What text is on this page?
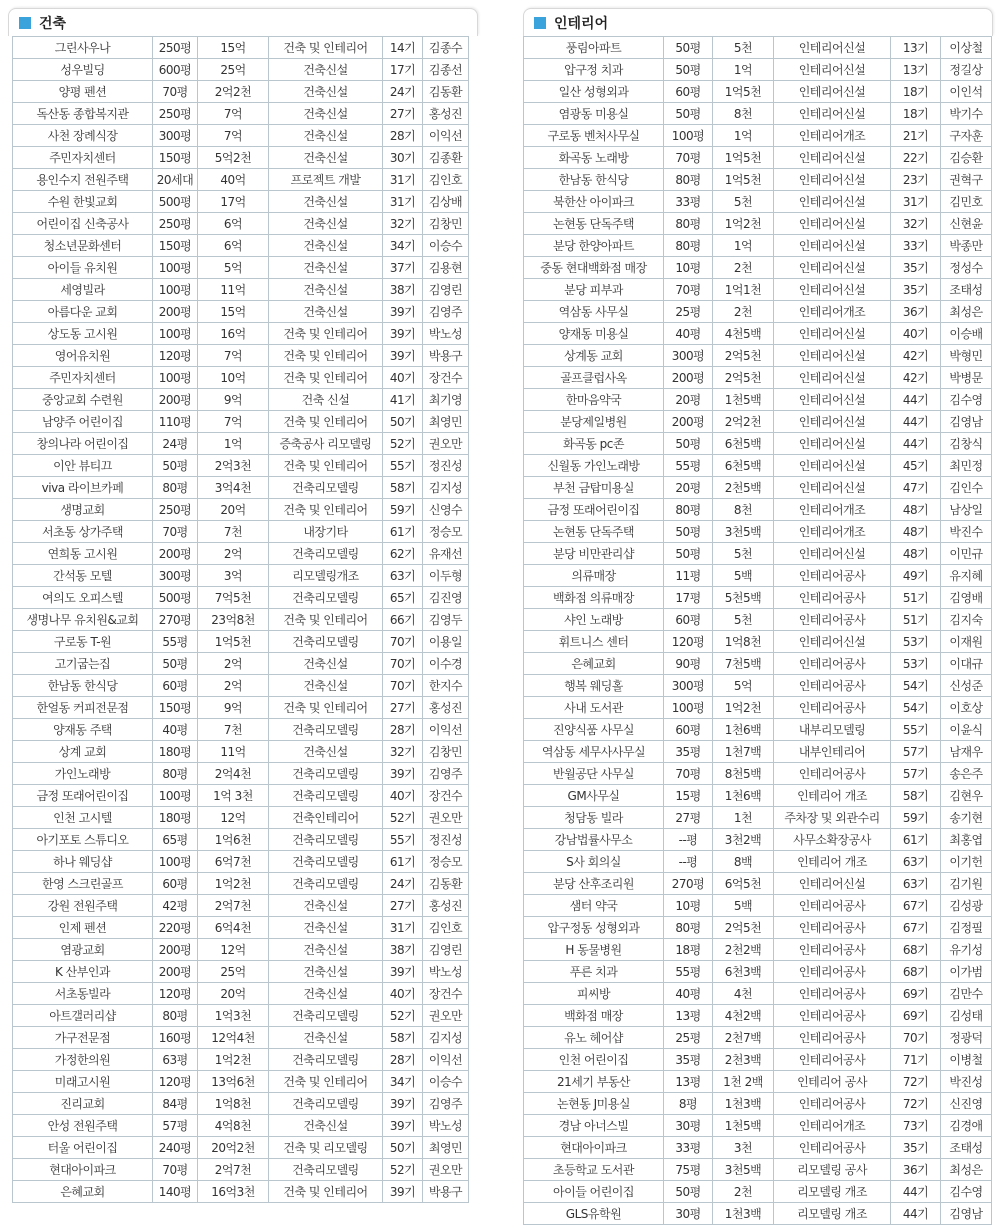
건축
그린사우나	250평	15억	건축 및 인테리어	14기	김종수
성우빌딩	600평	25억	건축신설	17기	김종선
양평 펜션	70평	2억2천	건축신설	24기	김동환
독산동 종합복지관	250평	7억	건축신설	27기	홍성진
사천 장례식장	300평	7억	건축신설	28기	이익선
주민자치센터	150평	5억2천	건축신설	30기	김종환
용인수지 전원주택	20세대	40억	프로젝트 개발	31기	김인호
수원 한빛교회	500평	17억	건축신설	31기	김상배
어린이집 신축공사	250평	6억	건축신설	32기	김창민
청소년문화센터	150평	6억	건축신설	34기	이승수
아이들 유치원	100평	5억	건축신설	37기	김용현
세영빌라	100평	11억	건축신설	38기	김영린
아름다운 교회	200평	15억	건축신설	39기	김영주
상도동 고시원	100평	16억	건축 및 인테리어	39기	박노성
영어유치원	120평	7억	건축 및 인테리어	39기	박용구
주민자치센터	100평	10억	건축 및 인테리어	40기	장건수
중앙교회 수련원	200평	9억	건축 신설	41기	최기영
남양주 어린이집	110평	7억	건축 및 인테리어	50기	최영민
창의나라 어린이집	24평	1억	증축공사 리모델링	52기	권오만
이안 뷰티끄	50평	2억3천	건축 및 인테리어	55기	정진성
viva 라이브카페	80평	3억4천	건축리모델링	58기	김지성
생명교회	250평	20억	건축 및 인테리어	59기	신영수
서초동 상가주택	70평	7천	내장기타	61기	정승모
연희동 고시원	200평	2억	건축리모델링	62기	유재선
간석동 모텔	300평	3억	리모델링개조	63기	이두형
여의도 오피스텔	500평	7억5천	건축리모델링	65기	김진영
생명나무 유치원&교회	270평	23억8천	건축 및 인테리어	66기	김영두
구로동 T-원	55평	1억5천	건축리모델링	70기	이용일
고기굽는집	50평	2억	건축신설	70기	이수경
한남동 한식당	60평	2억	건축신설	70기	한지수
한얼동 커피전문점	150평	9억	건축 및 인테리어	27기	홍성진
양재동 주택	40평	7천	건축리모델링	28기	이익선
상계 교회	180평	11억	건축신설	32기	김창민
가인노래방	80평	2억4천	건축리모델링	39기	김영주
금정 또래어린이집	100평	1억 3천	건축리모델링	40기	장건수
인천 고시텔	180평	12억	건축인테리어	52기	권오만
아기포토 스튜디오	65평	1억6천	건축리모델링	55기	정진성
하나 웨딩샵	100평	6억7천	건축리모델링	61기	정승모
한영 스크린골프	60평	1억2천	건축리모델링	24기	김동환
강원 전원주택	42평	2억7천	건축신설	27기	홍성진
인제 펜션	220평	6억4천	건축신설	31기	김인호
염광교회	200평	12억	건축신설	38기	김영린
K 산부인과	200평	25억	건축신설	39기	박노성
서초동빌라	120평	20억	건축신설	40기	장건수
아트갤러리샵	80평	1억3천	건축리모델링	52기	권오만
가구전문점	160평	12억4천	건축신설	58기	김지성
가정한의원	63평	1억2천	건축리모델링	28기	이익선
미래고시원	120평	13억6천	건축 및 인테리어	34기	이승수
진리교회	84평	1억8천	건축리모델링	39기	김영주
안성 전원주택	57평	4억8천	건축신설	39기	박노성
터울 어린이집	240평	20억2천	건축 및 리모델링	50기	최영민
현대아이파크	70평	2억7천	건축리모델링	52기	권오만
은혜교회	140평	16억3천	건축 및 인테리어	39기	박용구
인테리어
풍림아파트	50평	5천	인테리어신설	13기	이상철
압구정 치과	50평	1억	인테리어신설	13기	정길상
일산 성형외과	60평	1억5천	인테리어신설	18기	이인석
염광동 미용실	50평	8천	인테리어신설	18기	박기수
구로동 벤처사무실	100평	1억	인테리어개조	21기	구자훈
화곡동 노래방	70평	1억5천	인테리어신설	22기	김승환
한남동 한식당	80평	1억5천	인테리어신설	23기	권혁구
북한산 아이파크	33평	5천	인테리어신설	31기	김민호
논현동 단독주택	80평	1억2천	인테리어신설	32기	신현윤
분당 한양아파트	80평	1억	인테리어신설	33기	박종만
중동 현대백화점 매장	10평	2천	인테리어신설	35기	정성수
분당 피부과	70평	1억1천	인테리어신설	35기	조태성
역삼동 사무실	25평	2천	인테리어개조	36기	최성은
양재동 미용실	40평	4천5백	인테리어신설	40기	이승배
상계동 교회	300평	2억5천	인테리어신설	42기	박형민
골프클럽사옥	200평	2억5천	인테리어신설	42기	박병문
한마음약국	20평	1천5백	인테리어신설	44기	김수영
분당제일병원	200평	2억2천	인테리어신설	44기	김영남
화곡동 pc존	50평	6천5백	인테리어신설	44기	김창식
신월동 가인노래방	55평	6천5백	인테리어신설	45기	최민정
부천 금탑미용실	20평	2천5백	인테리어신설	47기	김인수
금정 또래어린이집	80평	8천	인테리어개조	48기	남상일
논현동 단독주택	50평	3천5백	인테리어개조	48기	박진수
분당 비만관리샵	50평	5천	인테리어신설	48기	이민규
의류매장	11평	5백	인테리어공사	49기	유지혜
백화점 의류매장	17평	5천5백	인테리어공사	51기	김영배
샤인 노래방	60평	5천	인테리어공사	51기	김지숙
휘트니스 센터	120평	1억8천	인테리어신설	53기	이재원
은혜교회	90평	7천5백	인테리어공사	53기	이대규
행복 웨딩홀	300평	5억	인테리어공사	54기	신성준
사내 도서관	100평	1억2천	인테리어공사	54기	이호상
진양식품 사무실	60평	1천6백	내부리모델링	55기	이윤식
역삼동 세무사사무실	35평	1천7백	내부인테리어	57기	남재우
반월공단 사무실	70평	8천5백	인테리어공사	57기	송은주
GM사무실	15평	1천6백	인테리어 개조	58기	김현우
청담동 빌라	27평	1천	주차장 및 외관수리	59기	송기현
강남법률사무소	--평	3천2백	사무소확장공사	61기	최홍엽
S사 회의실	--평	8백	인테리어 개조	63기	이기헌
분당 산후조리원	270평	6억5천	인테리어신설	63기	김기원
샘터 약국	10평	5백	인테리어공사	67기	김성광
압구정동 성형외과	80평	2억5천	인테리어공사	67기	김정필
H 동물병원	18평	2천2백	인테리어공사	68기	유기성
푸른 치과	55평	6천3백	인테리어공사	68기	이가범
피씨방	40평	4천	인테리어공사	69기	김만수
백화점 매장	13평	4천2백	인테리어공사	69기	김성태
유노 헤어샵	25평	2천7백	인테리어공사	70기	정광덕
인천 어린이집	35평	2천3백	인테리어공사	71기	이병철
21세기 부동산	13평	1천 2백	인테리어 공사	72기	박진성
논현동 J미용실	8평	1천3백	인테리어공사	72기	신진영
경남 아너스빌	30평	1천5백	인테리어개조	73기	김경애
현대아이파크	33평	3천	인테리어공사	35기	조태성
초등학교 도서관	75평	3천5백	리모델링 공사	36기	최성은
아이들 어린이집	50평	2천	리모델링 개조	44기	김수영
GLS유학원	30평	1천3백	리모델링 개조	44기	김영남
